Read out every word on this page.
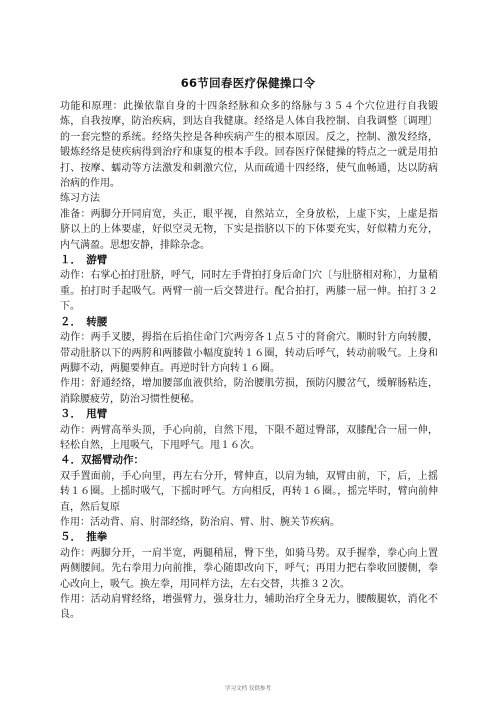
66节回春医疗保健操口令

功能和原理：此操依靠自身的十四条经脉和众多的络脉与３５４个穴位进行自我锻炼，自我按摩，防治疾病，到达自我健康。经络是人体自我控制、自我调整〔调理〕的一套完整的系统。经络失控是各种疾病产生的根本原因。反之，控制、激发经络，锻炼经络是使疾病得到治疗和康复的根本手段。回春医疗保健操的特点之一就是用拍打、按摩、蠕动等方法激发和刺激穴位，从而疏通十四经络，使气血畅通，达以防病治病的作用。

练习方法

准备：两脚分开同肩宽，头正，眼平视，自然站立，全身放松，上虚下实，上虚是指脐以上的上体要虚，好似空灵无物，下实是指脐以下的下体要充实，好似精力充分，内气满盈。思想安静，排除杂念。

１．　游臂

动作：右掌心拍打肚脐，呼气，同时左手背拍打身后命门穴〔与肚脐相对称〕，力量稍重。拍打时手起吸气。两臂一前一后交替进行。配合拍打，两膝一屈一伸。拍打３２下。

２．　转腰

动作：两手叉腰，拇指在后掐住命门穴两旁各１点５寸的肾俞穴。顺时针方向转腰，带动肚脐以下的两胯和两膝做小幅度旋转１６圈，转动后呼气，转动前吸气。上身和两脚不动，两腿要伸直。再逆时针方向转１６圈。

作用：舒通经络，增加腰部血液供给，防治腰肌劳损，预防闪腰岔气，缓解肠粘连，消除腰疲劳，防治习惯性便秘。

３．　甩臂

动作：两臂高举头顶，手心向前，自然下甩，下限不超过臀部，双膝配合一屈一伸，轻松自然，上甩吸气，下甩呼气。甩１６次。

４．双摇臂动作：

双手置面前，手心向里，再左右分开，臂伸直，以肩为轴，双臂由前，下，后，上摇转１６圈。上摇时吸气，下摇时呼气。方向相反，再转１６圈。，摇完毕时，臂向前伸直，然后复原

作用：活动背、肩、肘部经络，防治肩、臂、肘、腕关节疾病。

５．　推拳

动作：两脚分开，一肩半宽，两腿稍屈，臀下坐，如骑马势。双手握拳，拳心向上置两侧腰间。先右拳用力向前推，拳心随即改向下，呼气；再用力把右拳收回腰侧，拳心改向上，吸气。换左拳，用同样方法，左右交替，共推３２次。

作用：活动肩臂经络，增强臂力，强身壮力，辅助治疗全身无力，腰酸腿软，消化不良。

学习文档 仅供参考
